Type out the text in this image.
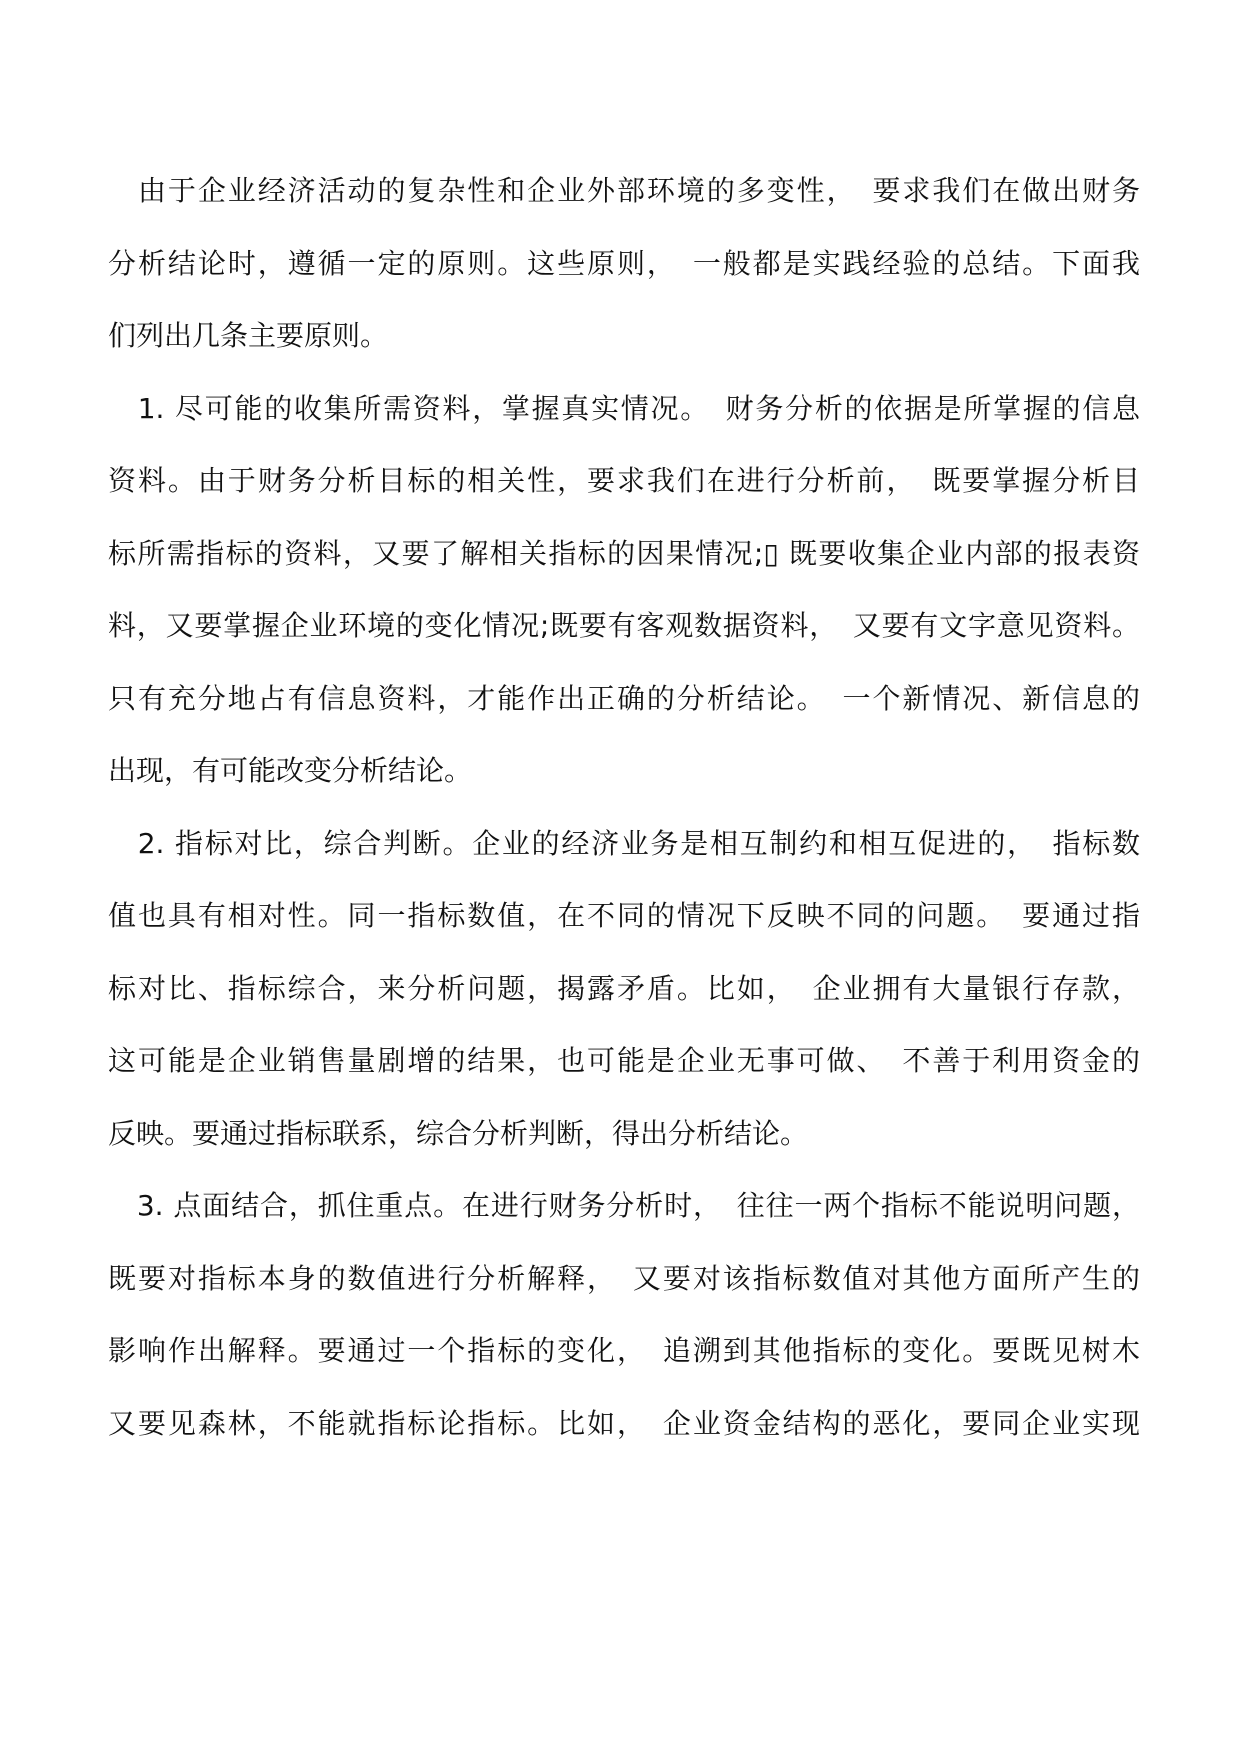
　由于企业经济活动的复杂性和企业外部环境的多变性，　要求我们在做出财务
分析结论时，遵循一定的原则。这些原则，　一般都是实践经验的总结。下面我
们列出几条主要原则。
　1. 尽可能的收集所需资料，掌握真实情况。　财务分析的依据是所掌握的信息
资料。由于财务分析目标的相关性，要求我们在进行分析前，　既要掌握分析目
标所需指标的资料，又要了解相关指标的因果情况;▯ 既要收集企业内部的报表资
料，又要掌握企业环境的变化情况;既要有客观数据资料，　又要有文字意见资料。
只有充分地占有信息资料，才能作出正确的分析结论。　一个新情况、新信息的
出现，有可能改变分析结论。
　2. 指标对比，综合判断。企业的经济业务是相互制约和相互促进的，　指标数
值也具有相对性。同一指标数值，在不同的情况下反映不同的问题。　要通过指
标对比、指标综合，来分析问题，揭露矛盾。比如，　企业拥有大量银行存款，
这可能是企业销售量剧增的结果，也可能是企业无事可做、　不善于利用资金的
反映。要通过指标联系，综合分析判断，得出分析结论。
　3. 点面结合，抓住重点。在进行财务分析时，　往往一两个指标不能说明问题，
既要对指标本身的数值进行分析解释，　又要对该指标数值对其他方面所产生的
影响作出解释。要通过一个指标的变化，　追溯到其他指标的变化。要既见树木
又要见森林，不能就指标论指标。比如，　企业资金结构的恶化，要同企业实现
